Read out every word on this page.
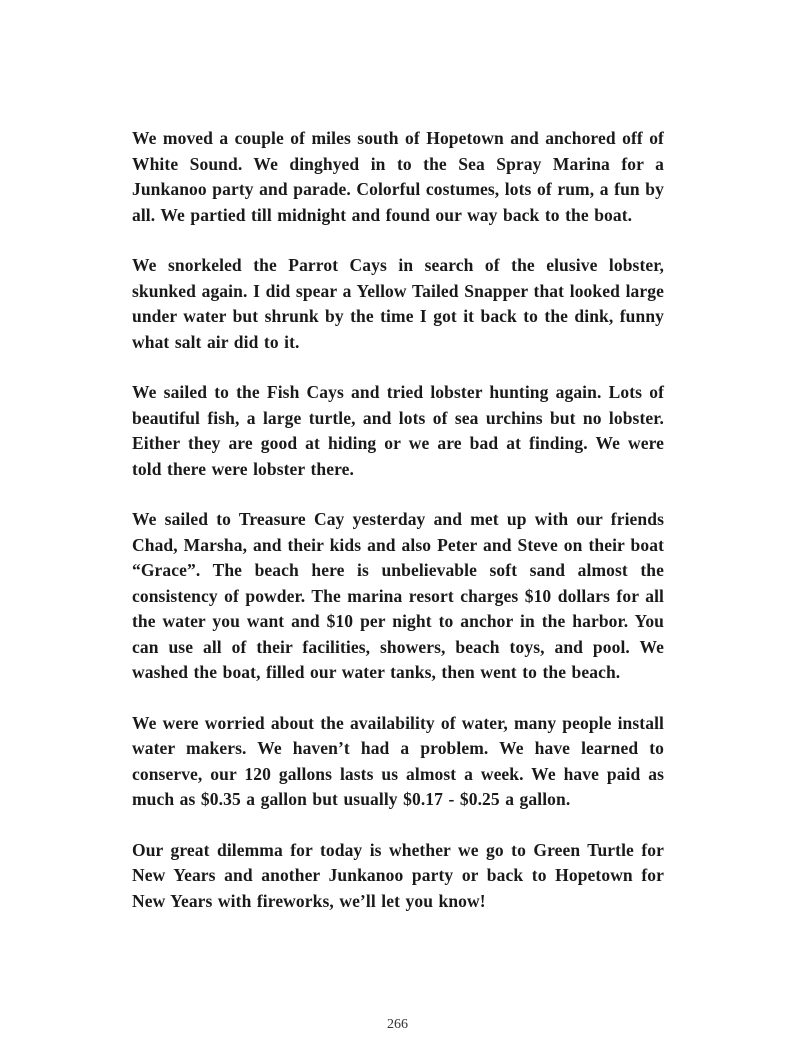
We moved a couple of miles south of Hopetown and anchored off of White Sound. We dinghyed in to the Sea Spray Marina for a Junkanoo party and parade. Colorful costumes, lots of rum, a fun by all. We partied till midnight and found our way back to the boat.

We snorkeled the Parrot Cays in search of the elusive lobster, skunked again. I did spear a Yellow Tailed Snapper that looked large under water but shrunk by the time I got it back to the dink, funny what salt air did to it.

We sailed to the Fish Cays and tried lobster hunting again. Lots of beautiful fish, a large turtle, and lots of sea urchins but no lobster. Either they are good at hiding or we are bad at finding. We were told there were lobster there.

We sailed to Treasure Cay yesterday and met up with our friends Chad, Marsha, and their kids and also Peter and Steve on their boat “Grace”. The beach here is unbelievable soft sand almost the consistency of powder. The marina resort charges $10 dollars for all the water you want and $10 per night to anchor in the harbor. You can use all of their facilities, showers, beach toys, and pool. We washed the boat, filled our water tanks, then went to the beach.

We were worried about the availability of water, many people install water makers. We haven’t had a problem. We have learned to conserve, our 120 gallons lasts us almost a week. We have paid as much as $0.35 a gallon but usually $0.17 - $0.25 a gallon.

Our great dilemma for today is whether we go to Green Turtle for New Years and another Junkanoo party or back to Hopetown for New Years with fireworks, we’ll let you know!

266
